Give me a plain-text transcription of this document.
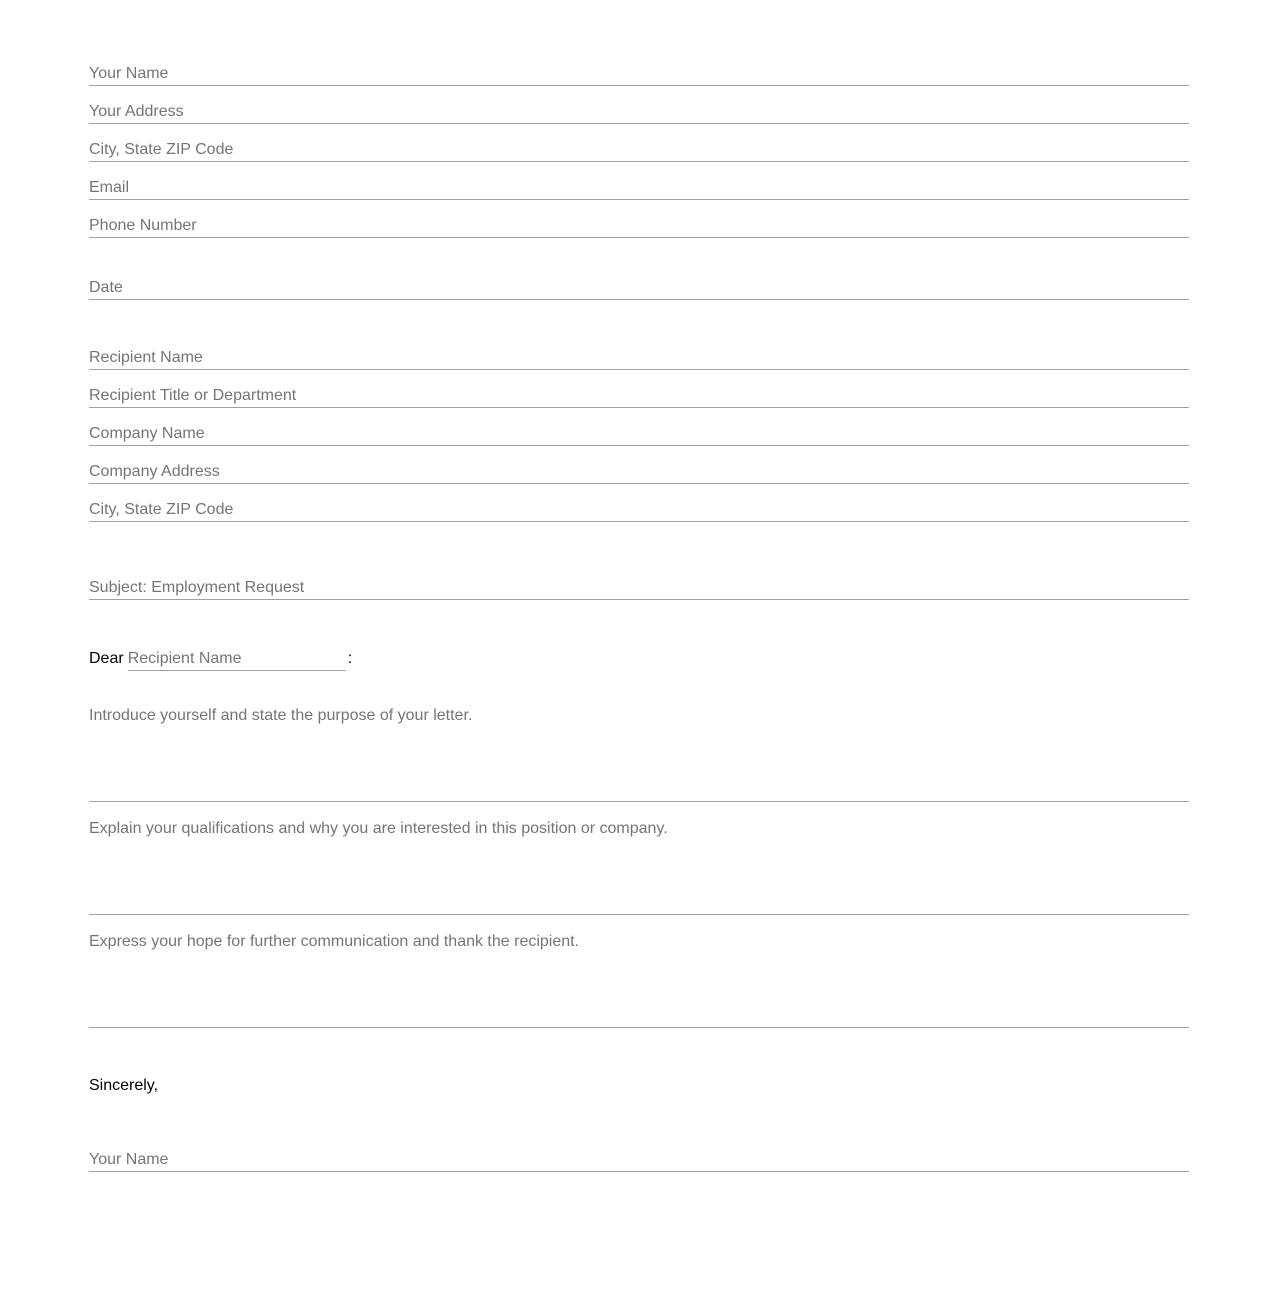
Your Name
Your Address
City, State ZIP Code
Email
Phone Number
Date
Recipient Name
Recipient Title or Department
Company Name
Company Address
City, State ZIP Code
Subject: Employment Request
Dear
Recipient Name	:
Introduce yourself and state the purpose of your letter.
Explain your qualifications and why you are interested in this position or company.
Express your hope for further communication and thank the recipient.
Sincerely,
Your Name
